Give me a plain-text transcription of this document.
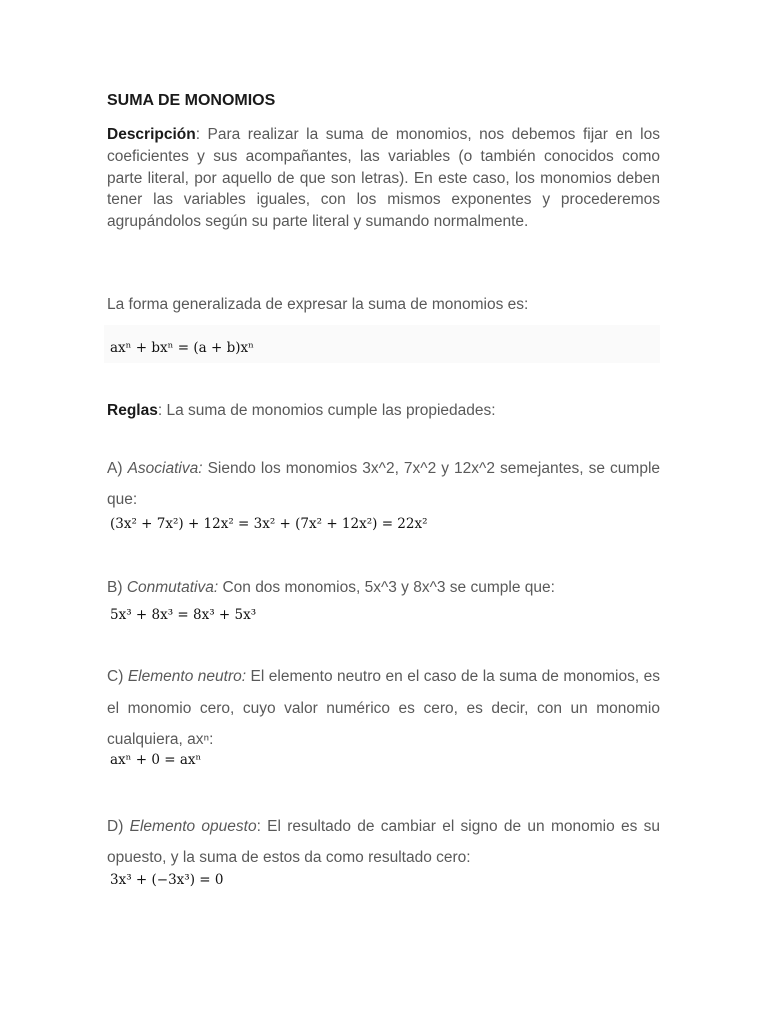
SUMA DE MONOMIOS

Descripción: Para realizar la suma de monomios, nos debemos fijar en los coeficientes y sus acompañantes, las variables (o también conocidos como parte literal, por aquello de que son letras). En este caso, los monomios deben tener las variables iguales, con los mismos exponentes y procederemos agrupándolos según su parte literal y sumando normalmente.

La forma generalizada de expresar la suma de monomios es:

axⁿ + bxⁿ = (a + b)xⁿ

Reglas: La suma de monomios cumple las propiedades:

A) Asociativa: Siendo los monomios 3x^2, 7x^2 y 12x^2 semejantes, se cumple que:

(3x² + 7x²) + 12x² = 3x² + (7x² + 12x²) = 22x²

B) Conmutativa: Con dos monomios, 5x^3 y 8x^3 se cumple que:

5x³ + 8x³ = 8x³ + 5x³

C) Elemento neutro: El elemento neutro en el caso de la suma de monomios, es el monomio cero, cuyo valor numérico es cero, es decir, con un monomio cualquiera, axⁿ:

axⁿ + 0 = axⁿ

D) Elemento opuesto: El resultado de cambiar el signo de un monomio es su opuesto, y la suma de estos da como resultado cero:

3x³ + (−3x³) = 0
